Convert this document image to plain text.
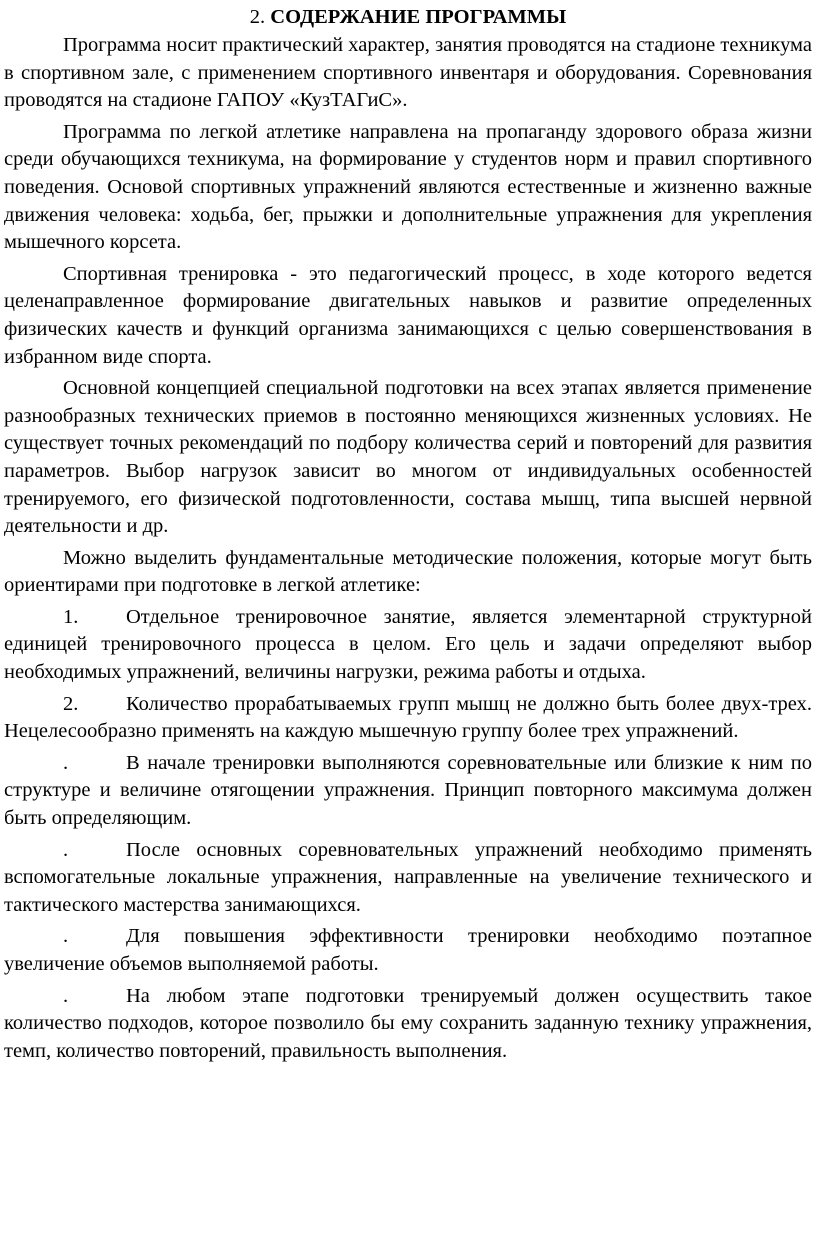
2. СОДЕРЖАНИЕ ПРОГРАММЫ

Программа носит практический характер, занятия проводятся на стадионе техникума в спортивном зале, с применением спортивного инвентаря и оборудования. Соревнования проводятся на стадионе ГАПОУ «КузТАГиС».

Программа по легкой атлетике направлена на пропаганду здорового образа жизни среди обучающихся техникума, на формирование у студентов норм и правил спортивного поведения. Основой спортивных упражнений являются естественные и жизненно важные движения человека: ходьба, бег, прыжки и дополнительные упражнения для укрепления мышечного корсета.

Спортивная тренировка - это педагогический процесс, в ходе которого ведется целенаправленное формирование двигательных навыков и развитие определенных физических качеств и функций организма занимающихся с целью совершенствования в избранном виде спорта.

Основной концепцией специальной подготовки на всех этапах является применение разнообразных технических приемов в постоянно меняющихся жизненных условиях. Не существует точных рекомендаций по подбору количества серий и повторений для развития параметров. Выбор нагрузок зависит во многом от индивидуальных особенностей тренируемого, его физической подготовленности, состава мышц, типа высшей нервной деятельности и др.

Можно выделить фундаментальные методические положения, которые могут быть ориентирами при подготовке в легкой атлетике:

1. Отдельное тренировочное занятие, является элементарной структурной единицей тренировочного процесса в целом. Его цель и задачи определяют выбор необходимых упражнений, величины нагрузки, режима работы и отдыха.

2. Количество прорабатываемых групп мышц не должно быть более двух-трех. Нецелесообразно применять на каждую мышечную группу более трех упражнений.

.	В начале тренировки выполняются соревновательные или близкие к ним по структуре и величине отягощении упражнения. Принцип повторного максимума должен быть определяющим.

.	После основных соревновательных упражнений необходимо применять вспомогательные локальные упражнения, направленные на увеличение технического и тактического мастерства занимающихся.

.	Для повышения эффективности тренировки необходимо поэтапное увеличение объемов выполняемой работы.

.	На любом этапе подготовки тренируемый должен осуществить такое количество подходов, которое позволило бы ему сохранить заданную технику упражнения, темп, количество повторений, правильность выполнения.
